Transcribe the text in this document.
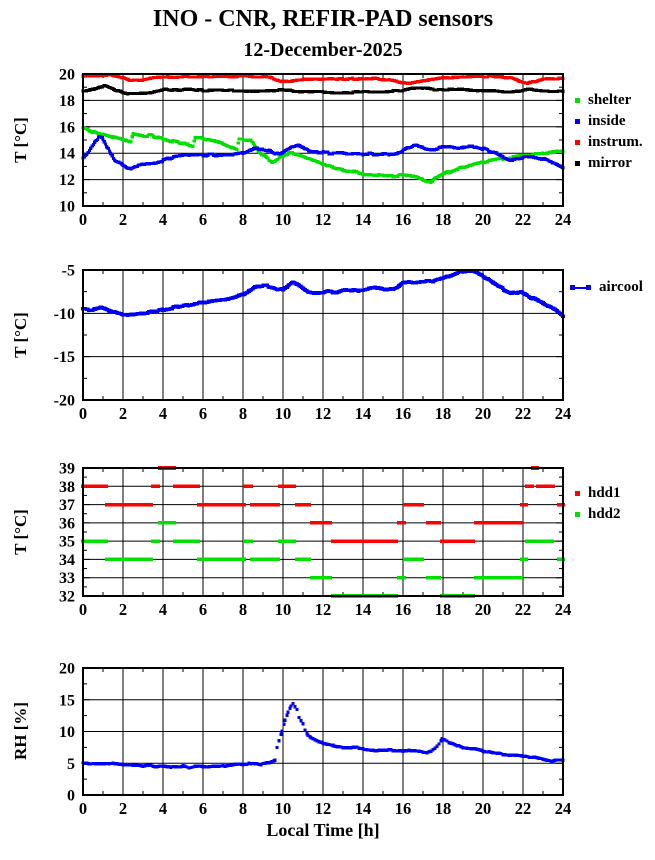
INO - CNR, REFIR-PAD sensors
12-December-2025
T [°C]
T [°C]
T [°C]
RH [%]
0 2 4 6 8 10 12 14 16 18 20 22 24
10
12
14
16
18
20
0 2 4 6 8 10 12 14 16 18 20 22 24
-20
-15
-10
-5
0 2 4 6 8 10 12 14 16 18 20 22 24
32
33
34
35
36
37
38
39
0 2 4 6 8 10 12 14 16 18 20 22 24
0
5
10
15
20
shelter
inside
instrum.
mirror
aircool
hdd1
hdd2
Local Time [h]
